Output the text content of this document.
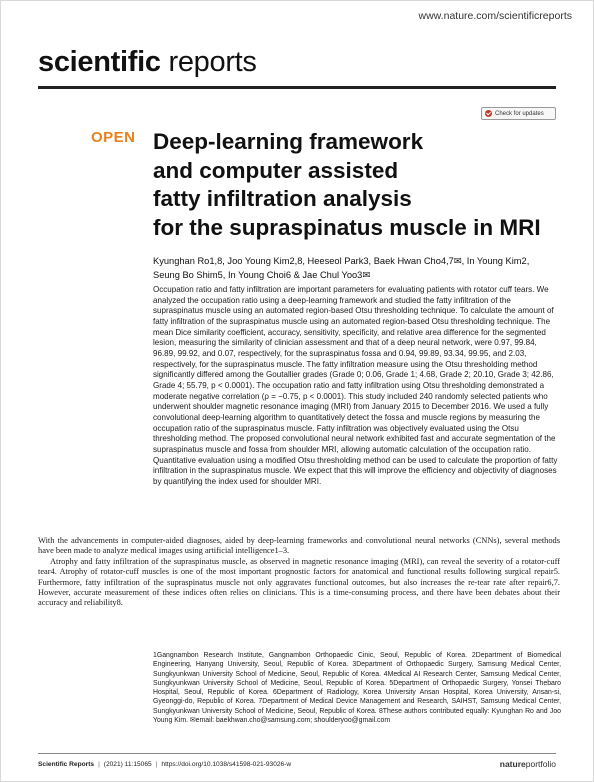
www.nature.com/scientificreports
scientific reports
Check for updates
OPEN Deep-learning framework
and computer assisted
fatty infiltration analysis
for the supraspinatus muscle in MRI
Kyunghan Ro1,8, Joo Young Kim2,8, Heeseol Park3, Baek Hwan Cho4,7✉, In Young Kim2,
Seung Bo Shim5, In Young Choi6 & Jae Chul Yoo3✉
Occupation ratio and fatty infiltration are important parameters for evaluating patients with rotator cuff tears. We analyzed the occupation ratio using a deep-learning framework and studied the fatty infiltration of the supraspinatus muscle using an automated region-based Otsu thresholding technique. To calculate the amount of fatty infiltration of the supraspinatus muscle using an automated region-based Otsu thresholding technique. The mean Dice similarity coefficient, accuracy, sensitivity, specificity, and relative area difference for the segmented lesion, measuring the similarity of clinician assessment and that of a deep neural network, were 0.97, 99.84, 96.89, 99.92, and 0.07, respectively, for the supraspinatus fossa and 0.94, 99.89, 93.34, 99.95, and 2.03, respectively, for the supraspinatus muscle. The fatty infiltration measure using the Otsu thresholding method significantly differed among the Goutallier grades (Grade 0; 0.06, Grade 1; 4.68, Grade 2; 20.10, Grade 3; 42.86, Grade 4; 55.79, p < 0.0001). The occupation ratio and fatty infiltration using Otsu thresholding demonstrated a moderate negative correlation (ρ = −0.75, p < 0.0001). This study included 240 randomly selected patients who underwent shoulder magnetic resonance imaging (MRI) from January 2015 to December 2016. We used a fully convolutional deep-learning algorithm to quantitatively detect the fossa and muscle regions by measuring the occupation ratio of the supraspinatus muscle. Fatty infiltration was objectively evaluated using the Otsu thresholding method. The proposed convolutional neural network exhibited fast and accurate segmentation of the supraspinatus muscle and fossa from shoulder MRI, allowing automatic calculation of the occupation ratio. Quantitative evaluation using a modified Otsu thresholding method can be used to calculate the proportion of fatty infiltration in the supraspinatus muscle. We expect that this will improve the efficiency and objectivity of diagnoses by quantifying the index used for shoulder MRI.

With the advancements in computer-aided diagnoses, aided by deep-learning frameworks and convolutional neural networks (CNNs), several methods have been made to analyze medical images using artificial intelligence1–3.

Atrophy and fatty infiltration of the supraspinatus muscle, as observed in magnetic resonance imaging (MRI), can reveal the severity of a rotator-cuff tear4. Atrophy of rotator-cuff muscles is one of the most important prognostic factors for anatomical and functional results following surgical repair5. Furthermore, fatty infiltration of the supraspinatus muscle not only aggravates functional outcomes, but also increases the re-tear rate after repair6,7. However, accurate measurement of these indices often relies on clinicians. This is a time-consuming process, and there have been debates about their accuracy and reliability8.

1Gangnambon Research Institute, Gangnambon Orthopaedic Cinic, Seoul, Republic of Korea. 2Department of Biomedical Engineering, Hanyang University, Seoul, Republic of Korea. 3Department of Orthopaedic Surgery, Samsung Medical Center, Sungkyunkwan University School of Medicine, Seoul, Republic of Korea. 4Medical AI Research Center, Samsung Medical Center, Sungkyunkwan University School of Medicine, Seoul, Republic of Korea. 5Department of Orthopaedic Surgery, Yonsei Thebaro Hospital, Seoul, Republic of Korea. 6Department of Radiology, Korea University Ansan Hospital, Korea University, Ansan-si, Gyeonggi-do, Republic of Korea. 7Department of Medical Device Management and Research, SAIHST, Samsung Medical Center, Sungkyunkwan University School of Medicine, Seoul, Republic of Korea. 8These authors contributed equally: Kyunghan Ro and Joo Young Kim. ✉email: baekhwan.cho@samsung.com; shoulderyoo@gmail.com
Scientific Reports | (2021) 11:15065 | https://doi.org/10.1038/s41598-021-93026-w	natureportfolio
